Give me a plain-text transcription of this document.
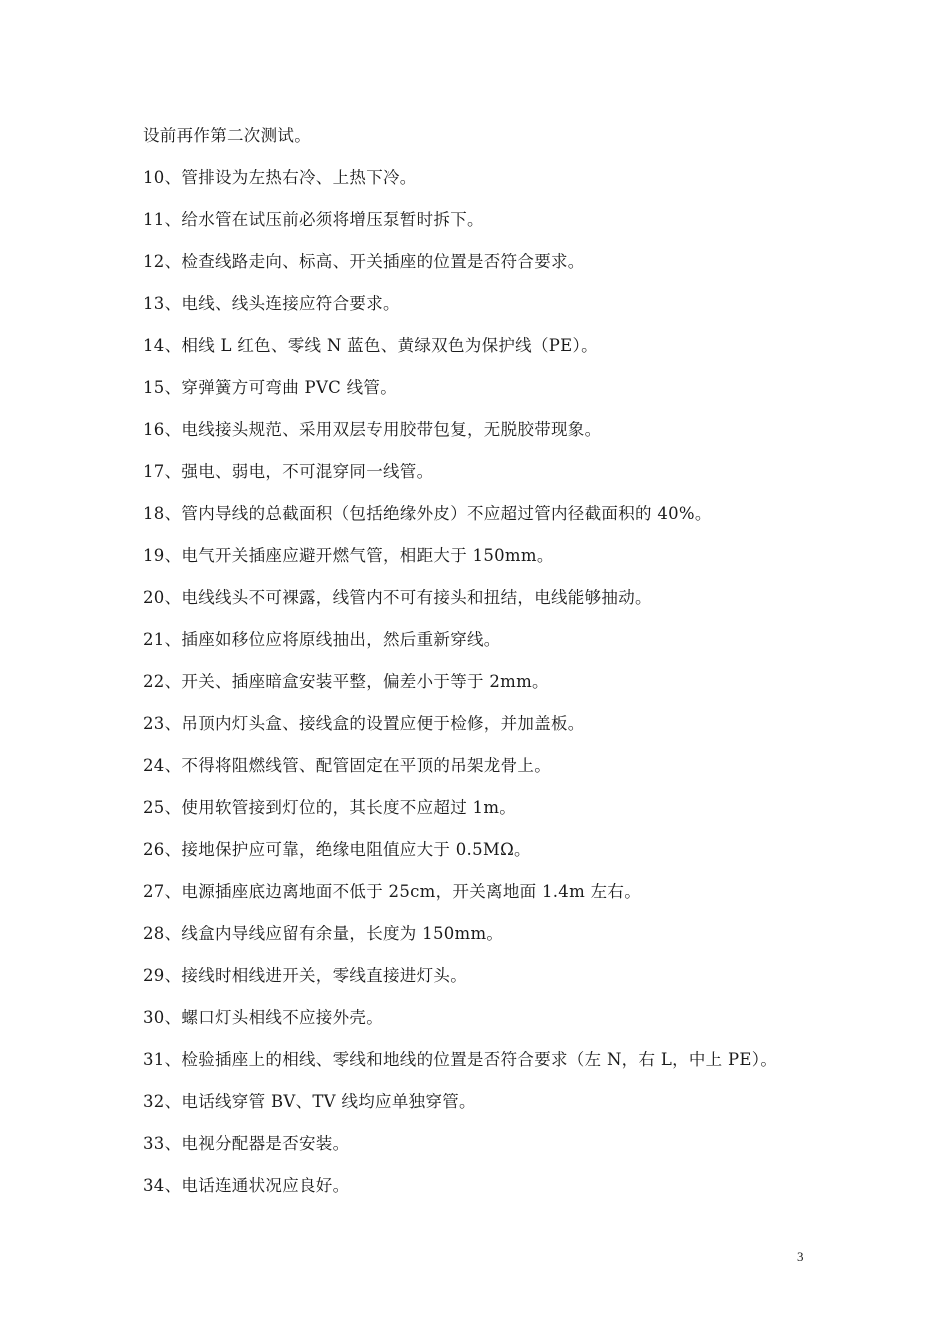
设前再作第二次测试。
10、管排设为左热右冷、上热下冷。
11、给水管在试压前必须将增压泵暂时拆下。
12、检查线路走向、标高、开关插座的位置是否符合要求。
13、电线、线头连接应符合要求。
14、相线 L 红色、零线 N 蓝色、黄绿双色为保护线（PE）。
15、穿弹簧方可弯曲 PVC 线管。
16、电线接头规范、采用双层专用胶带包复，无脱胶带现象。
17、强电、弱电，不可混穿同一线管。
18、管内导线的总截面积（包括绝缘外皮）不应超过管内径截面积的 40%。
19、电气开关插座应避开燃气管，相距大于 150mm。
20、电线线头不可裸露，线管内不可有接头和扭结，电线能够抽动。
21、插座如移位应将原线抽出，然后重新穿线。
22、开关、插座暗盒安装平整，偏差小于等于 2mm。
23、吊顶内灯头盒、接线盒的设置应便于检修，并加盖板。
24、不得将阻燃线管、配管固定在平顶的吊架龙骨上。
25、使用软管接到灯位的，其长度不应超过 1m。
26、接地保护应可靠，绝缘电阻值应大于 0.5MΩ。
27、电源插座底边离地面不低于 25cm，开关离地面 1.4m 左右。
28、线盒内导线应留有余量，长度为 150mm。
29、接线时相线进开关，零线直接进灯头。
30、螺口灯头相线不应接外壳。
31、检验插座上的相线、零线和地线的位置是否符合要求（左 N，右 L，中上 PE）。
32、电话线穿管 BV、TV 线均应单独穿管。
33、电视分配器是否安装。
34、电话连通状况应良好。
3
